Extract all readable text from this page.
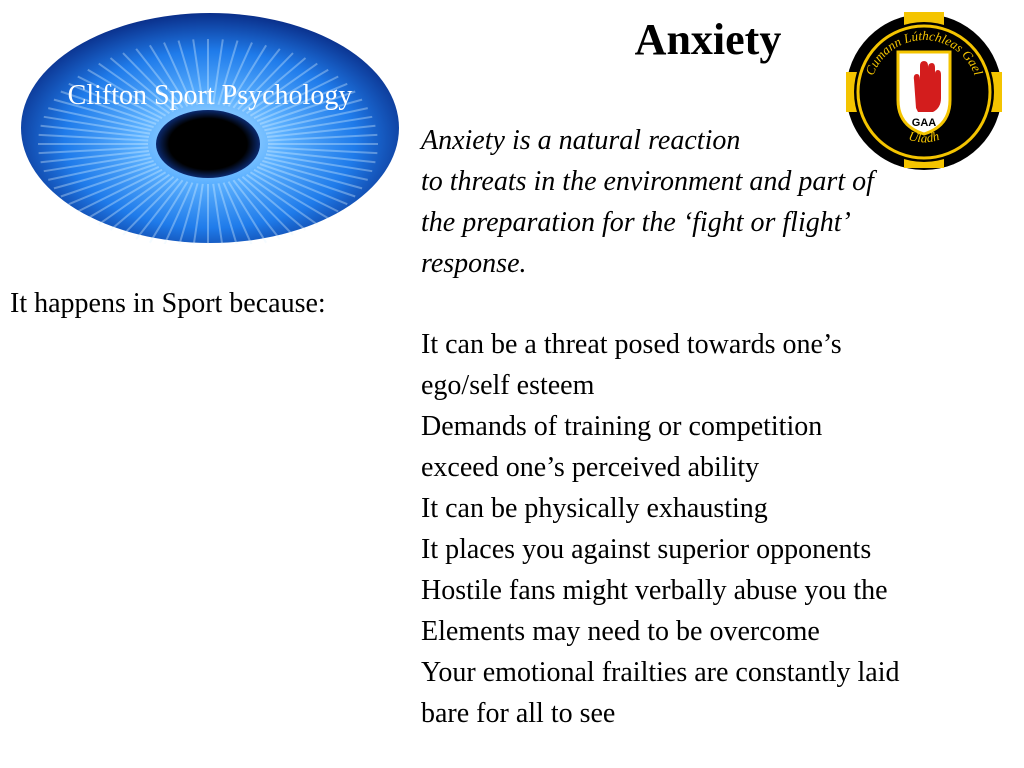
Clifton Sport Psychology
Anxiety
Cumann Lúthchleas Gael
GAA
Uladh
Anxiety is a natural reaction
to threats in the environment and part of
the preparation for the ‘fight or flight’
response.
It happens in Sport because:
It can be a threat posed towards one’s
ego/self esteem
Demands of training or competition
exceed one’s perceived ability
It can be physically exhausting
It places you against superior opponents
Hostile fans might verbally abuse you the
Elements may need to be overcome
Your emotional frailties are constantly laid
bare for all to see
